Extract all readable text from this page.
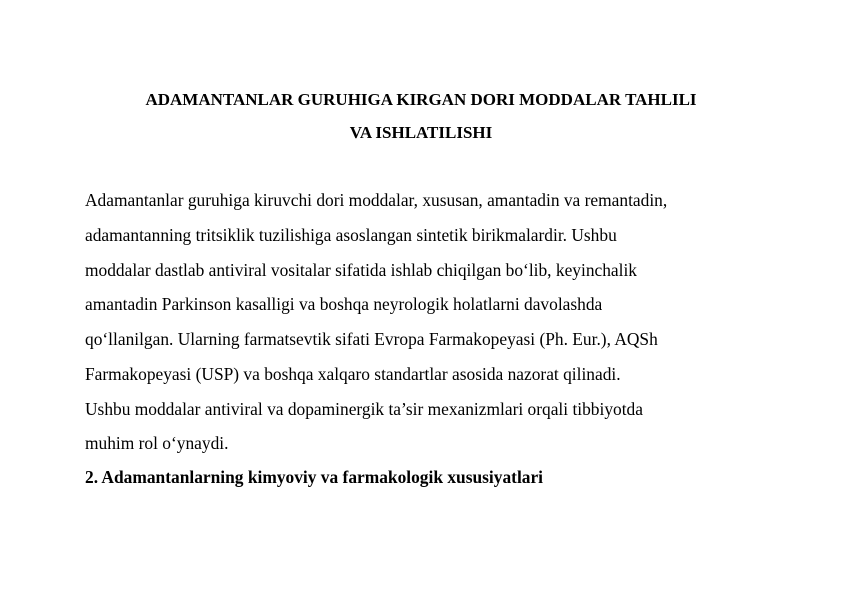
ADAMANTANLAR GURUHIGA KIRGAN DORI MODDALAR TAHLILI
VA ISHLATILISHI
Adamantanlar guruhiga kiruvchi dori moddalar, xususan, amantadin va remantadin,
adamantanning tritsiklik tuzilishiga asoslangan sintetik birikmalardir. Ushbu
moddalar dastlab antiviral vositalar sifatida ishlab chiqilgan bo‘lib, keyinchalik
amantadin Parkinson kasalligi va boshqa neyrologik holatlarni davolashda
qo‘llanilgan. Ularning farmatsevtik sifati Evropa Farmakopeyasi (Ph. Eur.), AQSh
Farmakopeyasi (USP) va boshqa xalqaro standartlar asosida nazorat qilinadi.
Ushbu moddalar antiviral va dopaminergik ta’sir mexanizmlari orqali tibbiyotda
muhim rol o‘ynaydi.
2. Adamantanlarning kimyoviy va farmakologik xususiyatlari
